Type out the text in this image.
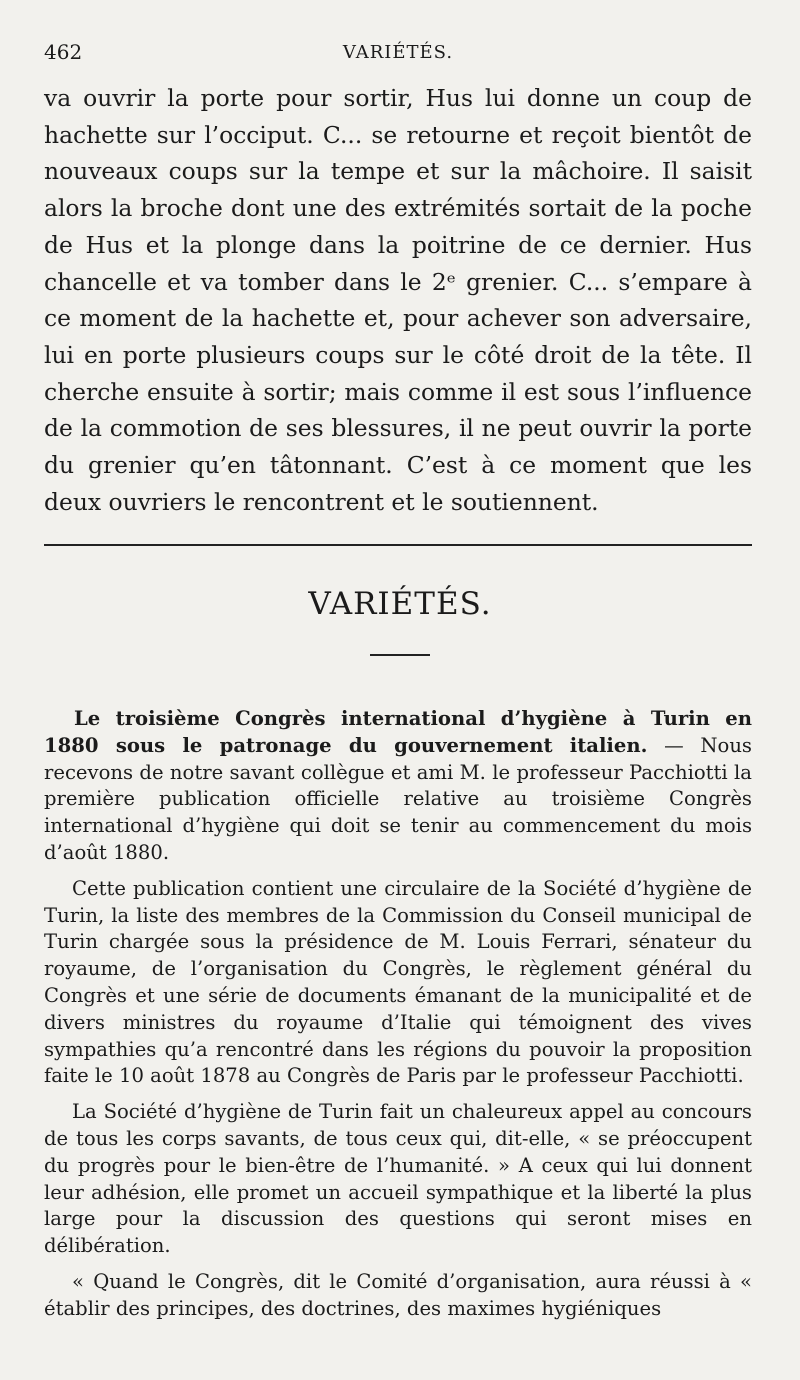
462	VARIÉTÉS.

va ouvrir la porte pour sortir, Hus lui donne un coup de hachette sur l’occiput. C... se retourne et reçoit bientôt de nouveaux coups sur la tempe et sur la mâchoire. Il saisit alors la broche dont une des extrémités sortait de la poche de Hus et la plonge dans la poitrine de ce dernier. Hus chancelle et va tomber dans le 2ᵉ grenier. C... s’empare à ce moment de la hachette et, pour achever son adversaire, lui en porte plusieurs coups sur le côté droit de la tête. Il cherche ensuite à sortir; mais comme il est sous l’influence de la commotion de ses blessures, il ne peut ouvrir la porte du grenier qu’en tâtonnant. C’est à ce moment que les deux ouvriers le rencontrent et le soutiennent.

VARIÉTÉS.

Le troisième Congrès international d’hygiène à Turin en 1880 sous le patronage du gouvernement italien. — Nous recevons de notre savant collègue et ami M. le professeur Pacchiotti la première publication officielle relative au troisième Congrès international d’hygiène qui doit se tenir au commencement du mois d’août 1880.

Cette publication contient une circulaire de la Société d’hygiène de Turin, la liste des membres de la Commission du Conseil municipal de Turin chargée sous la présidence de M. Louis Ferrari, sénateur du royaume, de l’organisation du Congrès, le règlement général du Congrès et une série de documents émanant de la municipalité et de divers ministres du royaume d’Italie qui témoignent des vives sympathies qu’a rencontré dans les régions du pouvoir la proposition faite le 10 août 1878 au Congrès de Paris par le professeur Pacchiotti.

La Société d’hygiène de Turin fait un chaleureux appel au concours de tous les corps savants, de tous ceux qui, dit-elle, « se préoccupent du progrès pour le bien-être de l’humanité. » A ceux qui lui donnent leur adhésion, elle promet un accueil sympathique et la liberté la plus large pour la discussion des questions qui seront mises en délibération.

« Quand le Congrès, dit le Comité d’organisation, aura réussi à « établir des principes, des doctrines, des maximes hygiéniques
